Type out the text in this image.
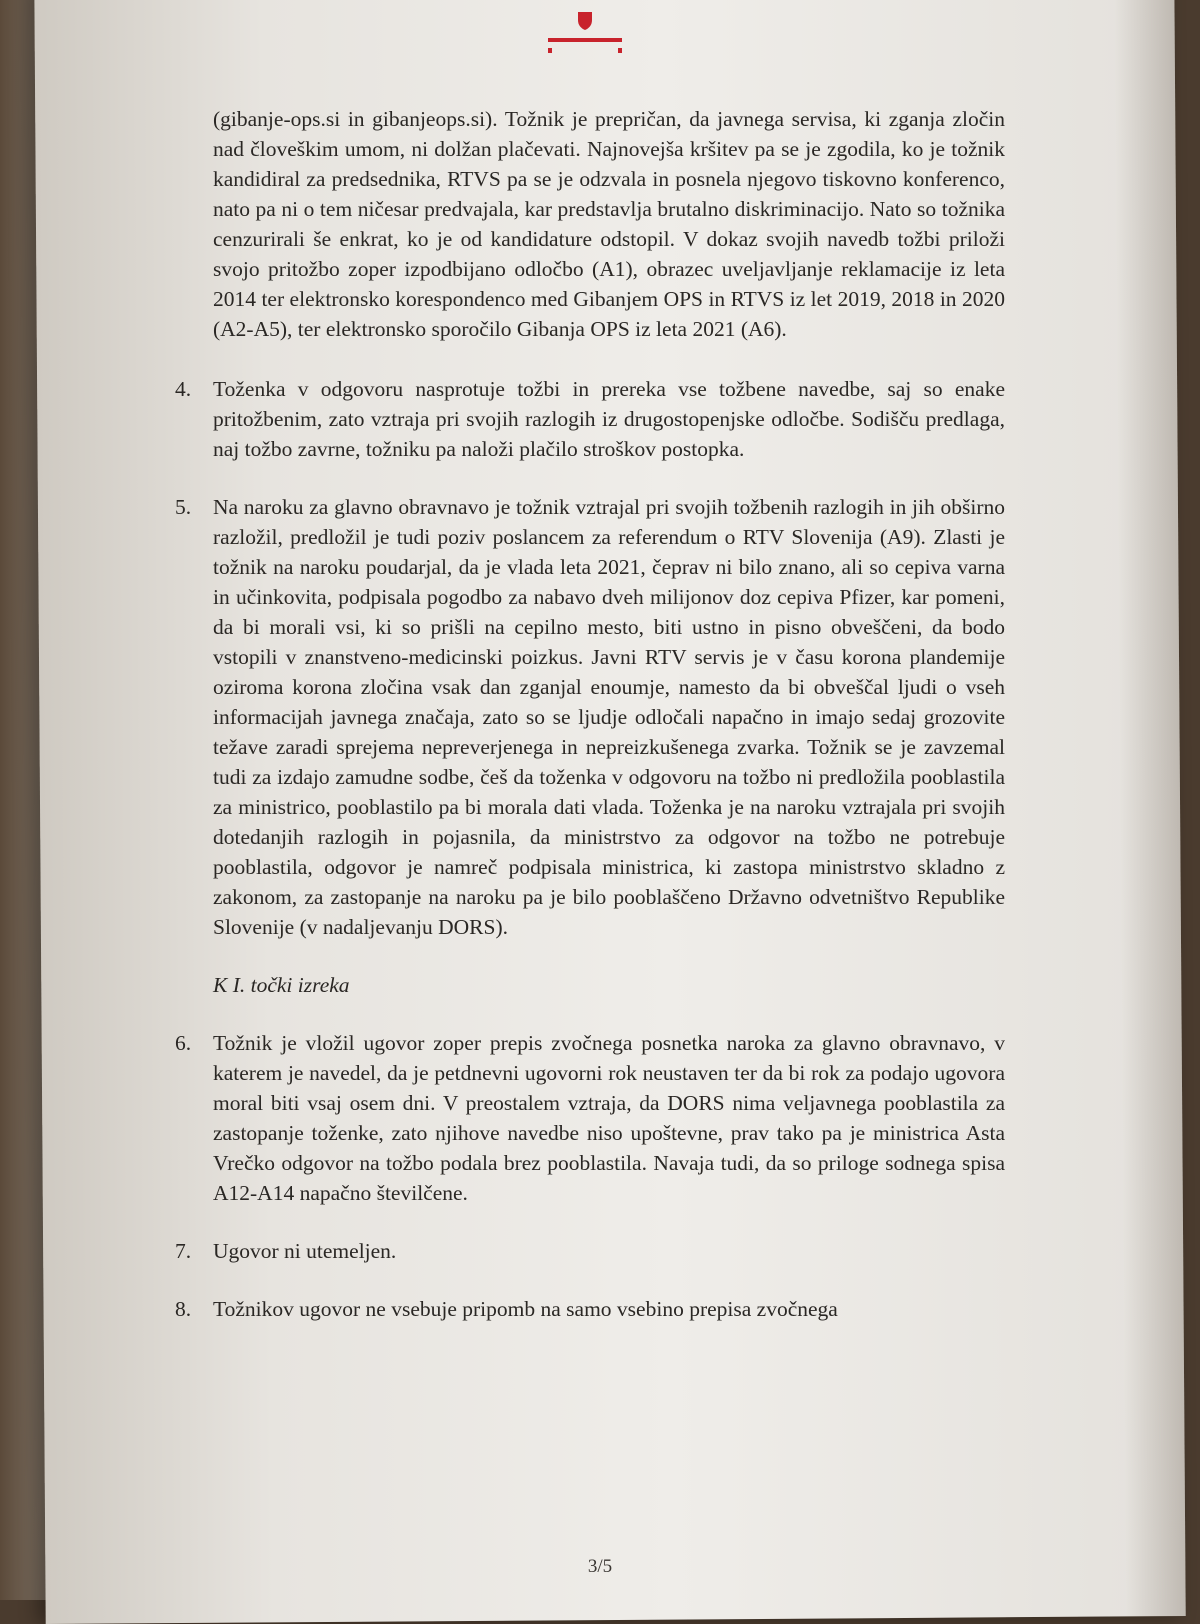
(gibanje-ops.si in gibanjeops.si). Tožnik je prepričan, da javnega servisa, ki zganja zločin nad človeškim umom, ni dolžan plačevati. Najnovejša kršitev pa se je zgodila, ko je tožnik kandidiral za predsednika, RTVS pa se je odzvala in posnela njegovo tiskovno konferenco, nato pa ni o tem ničesar predvajala, kar predstavlja brutalno diskriminacijo. Nato so tožnika cenzurirali še enkrat, ko je od kandidature odstopil. V dokaz svojih navedb tožbi priloži svojo pritožbo zoper izpodbijano odločbo (A1), obrazec uveljavljanje reklamacije iz leta 2014 ter elektronsko korespondenco med Gibanjem OPS in RTVS iz let 2019, 2018 in 2020 (A2-A5), ter elektronsko sporočilo Gibanja OPS iz leta 2021 (A6).
4.	Toženka v odgovoru nasprotuje tožbi in prereka vse tožbene navedbe, saj so enake pritožbenim, zato vztraja pri svojih razlogih iz drugostopenjske odločbe. Sodišču predlaga, naj tožbo zavrne, tožniku pa naloži plačilo stroškov postopka.
5.	Na naroku za glavno obravnavo je tožnik vztrajal pri svojih tožbenih razlogih in jih obširno razložil, predložil je tudi poziv poslancem za referendum o RTV Slovenija (A9). Zlasti je tožnik na naroku poudarjal, da je vlada leta 2021, čeprav ni bilo znano, ali so cepiva varna in učinkovita, podpisala pogodbo za nabavo dveh milijonov doz cepiva Pfizer, kar pomeni, da bi morali vsi, ki so prišli na cepilno mesto, biti ustno in pisno obveščeni, da bodo vstopili v znanstveno-medicinski poizkus. Javni RTV servis je v času korona plandemije oziroma korona zločina vsak dan zganjal enoumje, namesto da bi obveščal ljudi o vseh informacijah javnega značaja, zato so se ljudje odločali napačno in imajo sedaj grozovite težave zaradi sprejema nepreverjenega in nepreizkušenega zvarka. Tožnik se je zavzemal tudi za izdajo zamudne sodbe, češ da toženka v odgovoru na tožbo ni predložila pooblastila za ministrico, pooblastilo pa bi morala dati vlada. Toženka je na naroku vztrajala pri svojih dotedanjih razlogih in pojasnila, da ministrstvo za odgovor na tožbo ne potrebuje pooblastila, odgovor je namreč podpisala ministrica, ki zastopa ministrstvo skladno z zakonom, za zastopanje na naroku pa je bilo pooblaščeno Državno odvetništvo Republike Slovenije (v nadaljevanju DORS).
K I. točki izreka
6.	Tožnik je vložil ugovor zoper prepis zvočnega posnetka naroka za glavno obravnavo, v katerem je navedel, da je petdnevni ugovorni rok neustaven ter da bi rok za podajo ugovora moral biti vsaj osem dni. V preostalem vztraja, da DORS nima veljavnega pooblastila za zastopanje toženke, zato njihove navedbe niso upoštevne, prav tako pa je ministrica Asta Vrečko odgovor na tožbo podala brez pooblastila. Navaja tudi, da so priloge sodnega spisa A12-A14 napačno številčene.
7.	Ugovor ni utemeljen.
8.	Tožnikov ugovor ne vsebuje pripomb na samo vsebino prepisa zvočnega
3/5
